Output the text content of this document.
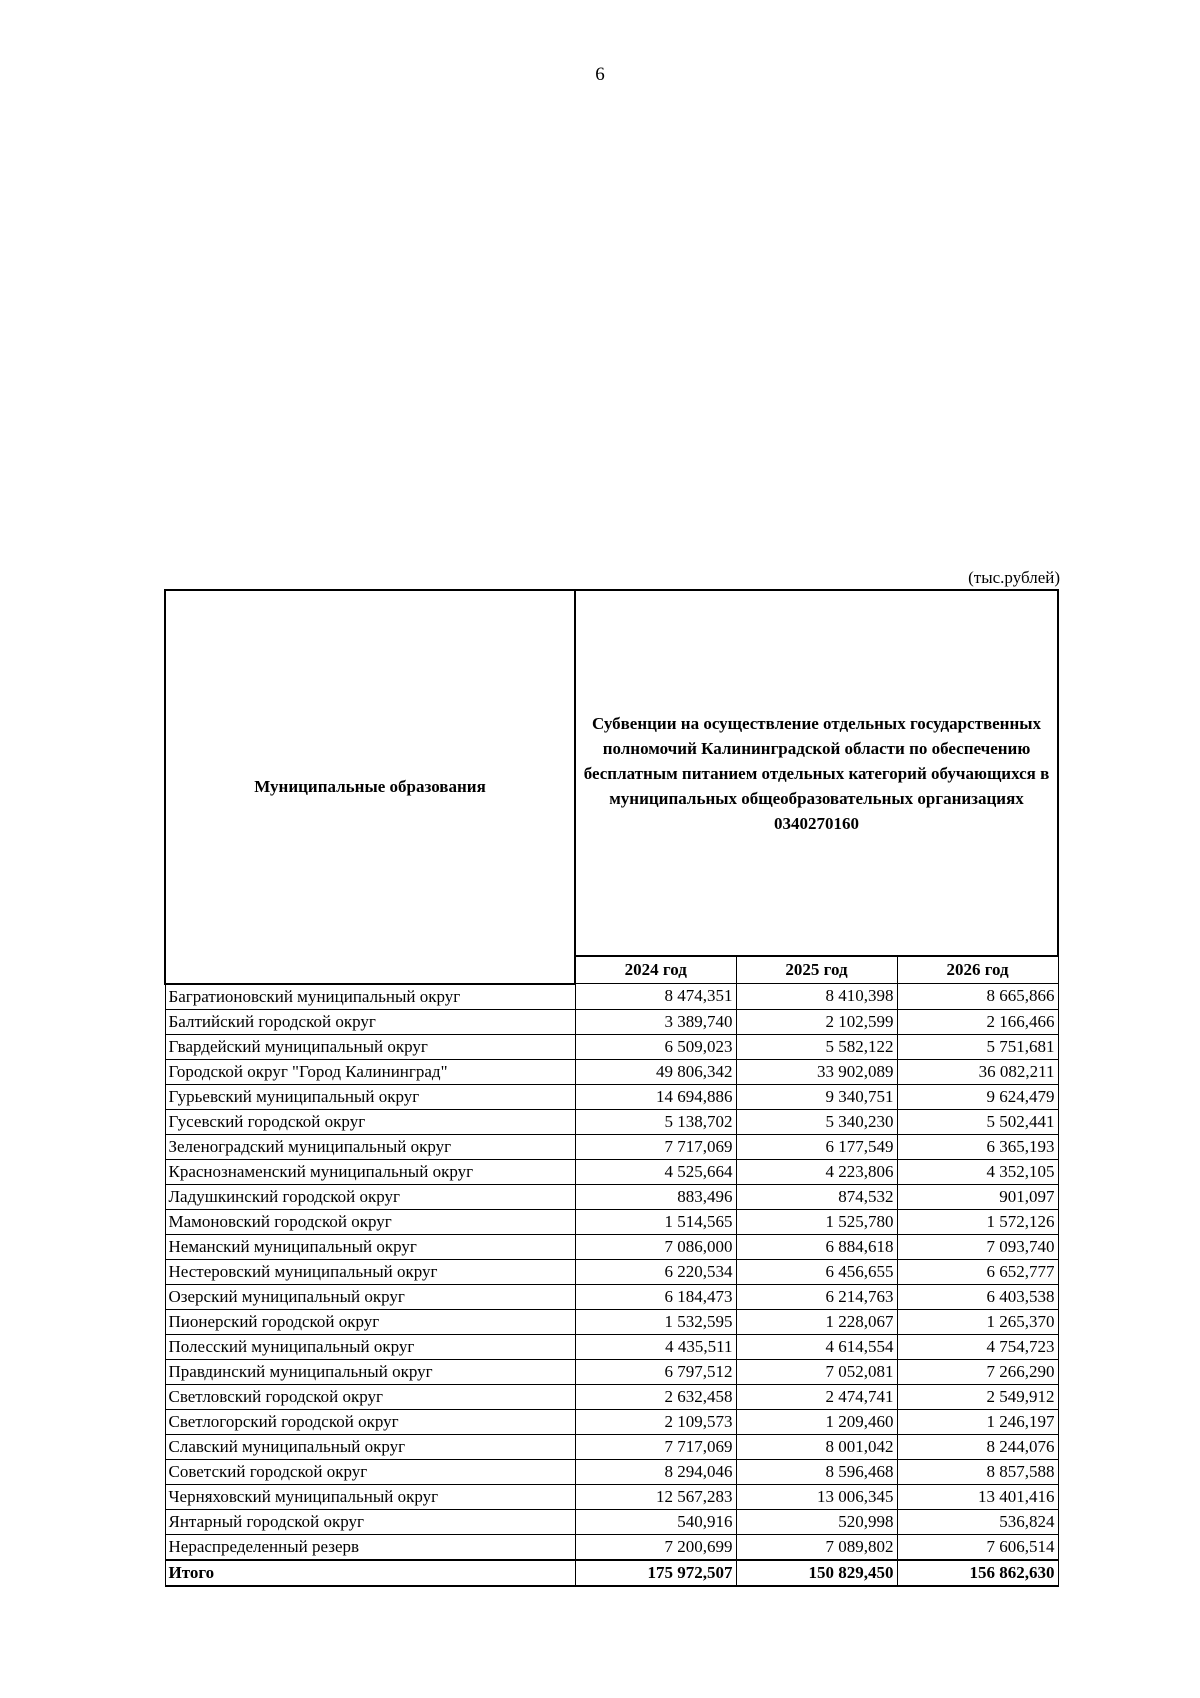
6
(тыс.рублей)
Муниципальные образования	Субвенции на осуществление отдельных государственных полномочий Калининградской области по обеспечению бесплатным питанием отдельных категорий обучающихся в муниципальных общеобразовательных организациях
0340270160		

	2024 год	2025 год	2026 год
Багратионовский муниципальный округ	8 474,351	8 410,398	8 665,866
Балтийский городской округ	3 389,740	2 102,599	2 166,466
Гвардейский муниципальный округ	6 509,023	5 582,122	5 751,681
Городской округ "Город Калининград"	49 806,342	33 902,089	36 082,211
Гурьевский муниципальный округ	14 694,886	9 340,751	9 624,479
Гусевский городской округ	5 138,702	5 340,230	5 502,441
Зеленоградский муниципальный округ	7 717,069	6 177,549	6 365,193
Краснознаменский муниципальный округ	4 525,664	4 223,806	4 352,105
Ладушкинский городской округ	883,496	874,532	901,097
Мамоновский городской округ	1 514,565	1 525,780	1 572,126
Неманский муниципальный округ	7 086,000	6 884,618	7 093,740
Нестеровский муниципальный округ	6 220,534	6 456,655	6 652,777
Озерский муниципальный округ	6 184,473	6 214,763	6 403,538
Пионерский городской округ	1 532,595	1 228,067	1 265,370
Полесский муниципальный округ	4 435,511	4 614,554	4 754,723
Правдинский муниципальный округ	6 797,512	7 052,081	7 266,290
Светловский городской округ	2 632,458	2 474,741	2 549,912
Светлогорский городской округ	2 109,573	1 209,460	1 246,197
Славский муниципальный округ	7 717,069	8 001,042	8 244,076
Советский городской округ	8 294,046	8 596,468	8 857,588
Черняховский муниципальный округ	12 567,283	13 006,345	13 401,416
Янтарный городской округ	540,916	520,998	536,824
Нераспределенный резерв	7 200,699	7 089,802	7 606,514
Итого	175 972,507	150 829,450	156 862,630
